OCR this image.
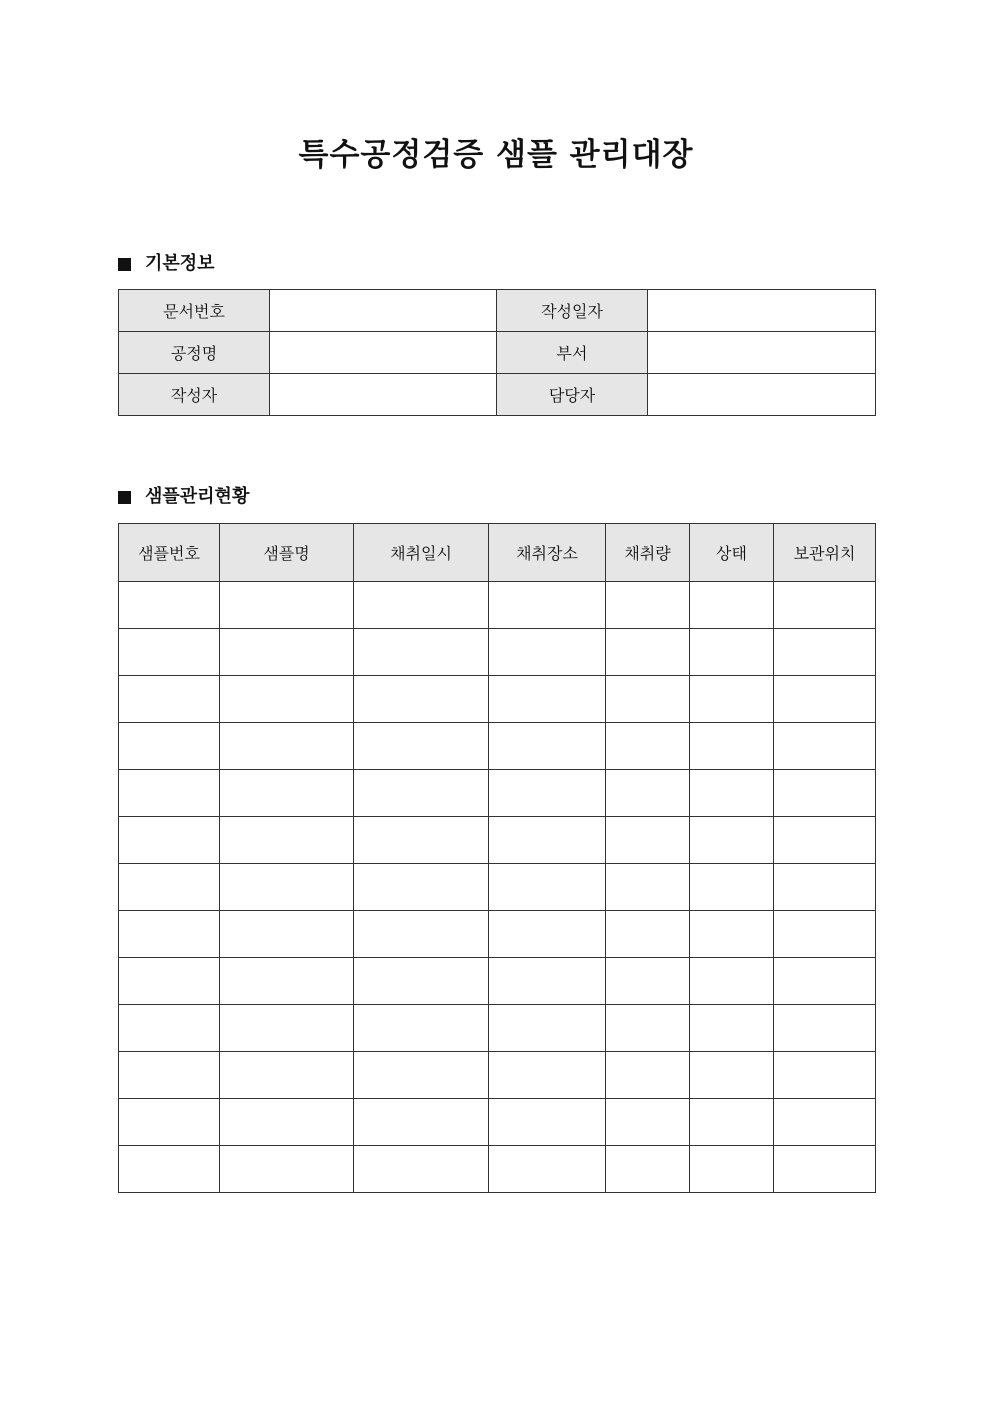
특수공정검증 샘플 관리대장
기본정보
문서번호		작성일자	
공정명		부서	
작성자		담당자	
샘플관리현황
샘플번호	샘플명	채취일시	채취장소	채취량	상태	보관위치
